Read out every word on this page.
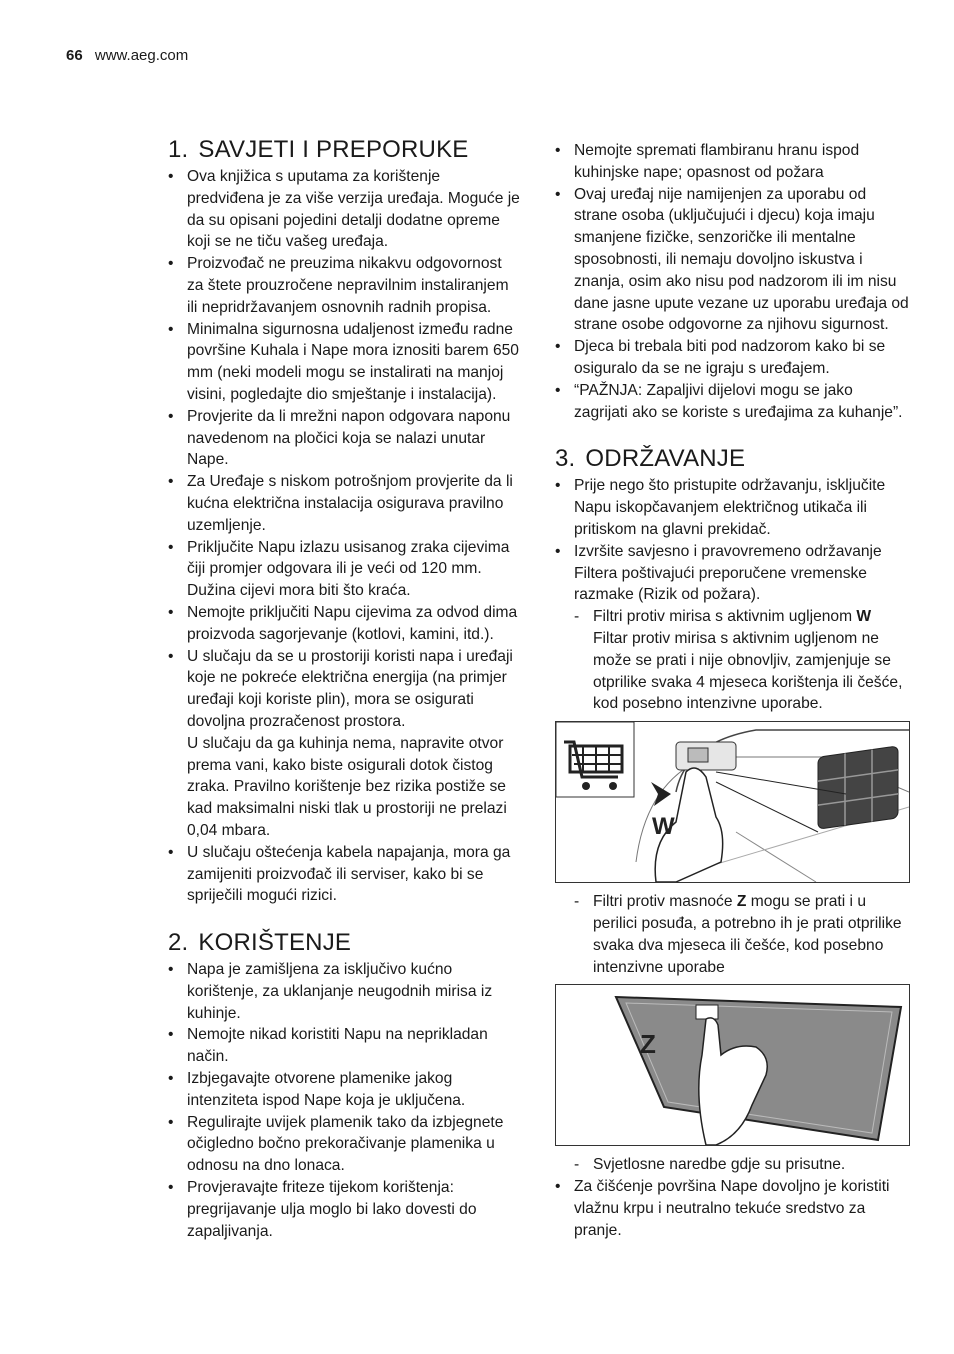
66 www.aeg.com
1. SAVJETI I PREPORUKE
• Ova knjižica s uputama za korištenje predviđena je za više verzija uređaja. Moguće je da su opisani pojedini detalji dodatne opreme koji se ne tiču vašeg uređaja.
• Proizvođač ne preuzima nikakvu odgovornost za štete prouzročene nepravilnim instaliranjem ili nepridržavanjem osnovnih radnih propisa.
• Minimalna sigurnosna udaljenost između radne površine Kuhala i Nape mora iznositi barem 650 mm (neki modeli mogu se instalirati na manjoj visini, pogledajte dio smještanje i instalacija).
• Provjerite da li mrežni napon odgovara naponu navedenom na pločici koja se nalazi unutar Nape.
• Za Uređaje s niskom potrošnjom provjerite da li kućna električna instalacija osigurava pravilno uzemljenje.
• Priključite Napu izlazu usisanog zraka cijevima čiji promjer odgovara ili je veći od 120 mm. Dužina cijevi mora biti što kraća.
• Nemojte priključiti Napu cijevima za odvod dima proizvoda sagorjevanje (kotlovi, kamini, itd.).
• U slučaju da se u prostoriji koristi napa i uređaji koje ne pokreće električna energija (na primjer uređaji koji koriste plin), mora se osigurati dovoljna prozračenost prostora.
U slučaju da ga kuhinja nema, napravite otvor prema vani, kako biste osigurali dotok čistog zraka. Pravilno korištenje bez rizika postiže se kad maksimalni niski tlak u prostoriji ne prelazi 0,04 mbara.
• U slučaju oštećenja kabela napajanja, mora ga zamijeniti proizvođač ili serviser, kako bi se spriječili mogući rizici.
2. KORIŠTENJE
• Napa je zamišljena za isključivo kućno korištenje, za uklanjanje neugodnih mirisa iz kuhinje.
• Nemojte nikad koristiti Napu na neprikladan način.
• Izbjegavajte otvorene plamenike jakog intenziteta ispod Nape koja je uključena.
• Regulirajte uvijek plamenik tako da izbjegnete očigledno bočno prekoračivanje plamenika u odnosu na dno lonaca.
• Provjeravajte friteze tijekom korištenja: pregrijavanje ulja moglo bi lako dovesti do zapaljivanja.
• Nemojte spremati flambiranu hranu ispod kuhinjske nape; opasnost od požara
• Ovaj uređaj nije namijenjen za uporabu od strane osoba (uključujući i djecu) koja imaju smanjene fizičke, senzoričke ili mentalne sposobnosti, ili nemaju dovoljno iskustva i znanja, osim ako nisu pod nadzorom ili im nisu dane jasne upute vezane uz uporabu uređaja od strane osobe odgovorne za njihovu sigurnost.
• Djeca bi trebala biti pod nadzorom kako bi se osiguralo da se ne igraju s uređajem.
• “PAŽNJA: Zapaljivi dijelovi mogu se jako zagrijati ako se koriste s uređajima za kuhanje”.
3. ODRŽAVANJE
• Prije nego što pristupite održavanju, isključite Napu iskopčavanjem električnog utikača ili pritiskom na glavni prekidač.
• Izvršite savjesno i pravovremeno održavanje Filtera poštivajući preporučene vremenske razmake (Rizik od požara).
- Filtri protiv mirisa s aktivnim ugljenom W
Filtar protiv mirisa s aktivnim ugljenom ne može se prati i nije obnovljiv, zamjenjuje se otprilike svaka 4 mjeseca korištenja ili češće, kod posebno intenzivne uporabe.
W
- Filtri protiv masnoće Z mogu se prati i u perilici posuđa, a potrebno ih je prati otprilike svaka dva mjeseca ili češće, kod posebno intenzivne uporabe
Z
- Svjetlosne naredbe gdje su prisutne.
• Za čišćenje površina Nape dovoljno je koristiti vlažnu krpu i neutralno tekuće sredstvo za pranje.
